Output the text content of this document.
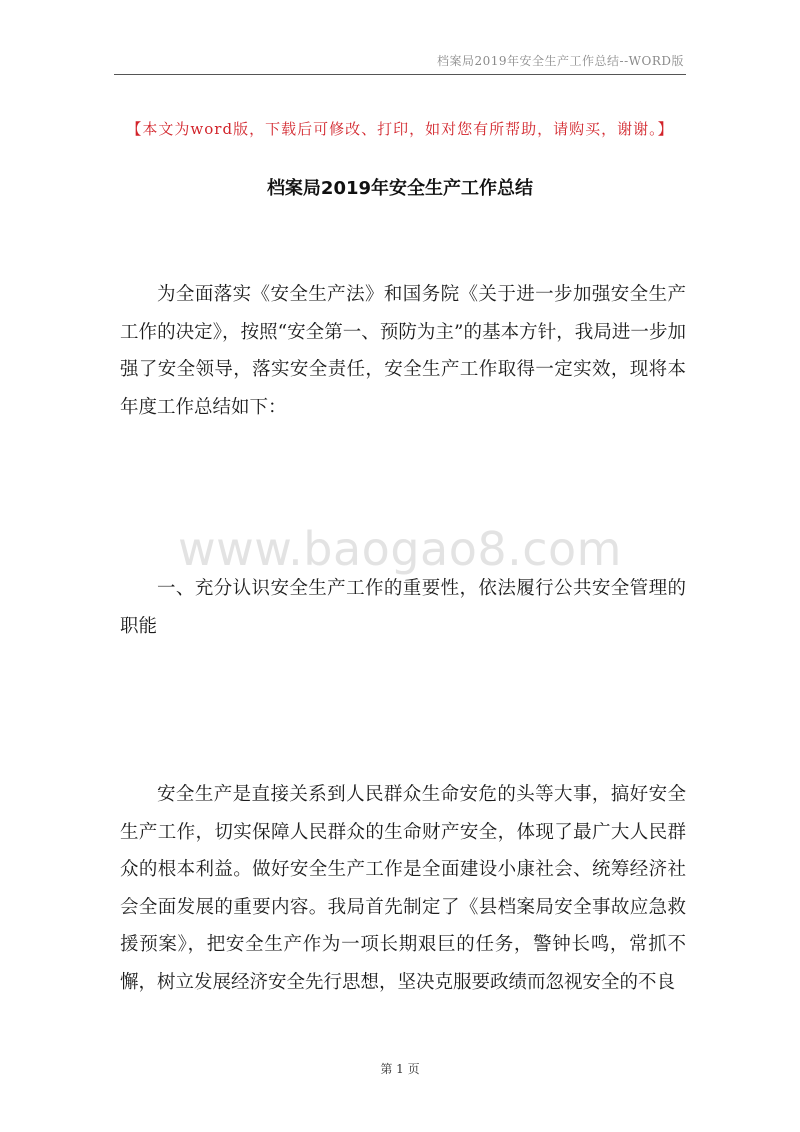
档案局2019年安全生产工作总结--WORD版
【本文为word版，下载后可修改、打印，如对您有所帮助，请购买，谢谢。】
档案局2019年安全生产工作总结

为全面落实《安全生产法》和国务院《关于进一步加强安全生产工作的决定》，按照“安全第一、预防为主”的基本方针，我局进一步加强了安全领导，落实安全责任，安全生产工作取得一定实效，现将本年度工作总结如下：

www.baogao8.com

一、充分认识安全生产工作的重要性，依法履行公共安全管理的职能

安全生产是直接关系到人民群众生命安危的头等大事，搞好安全生产工作，切实保障人民群众的生命财产安全，体现了最广大人民群众的根本利益。做好安全生产工作是全面建设小康社会、统筹经济社会全面发展的重要内容。我局首先制定了《县档案局安全事故应急救援预案》，把安全生产作为一项长期艰巨的任务，警钟长鸣，常抓不懈，树立发展经济安全先行思想，坚决克服要政绩而忽视安全的不良

第 1 页
